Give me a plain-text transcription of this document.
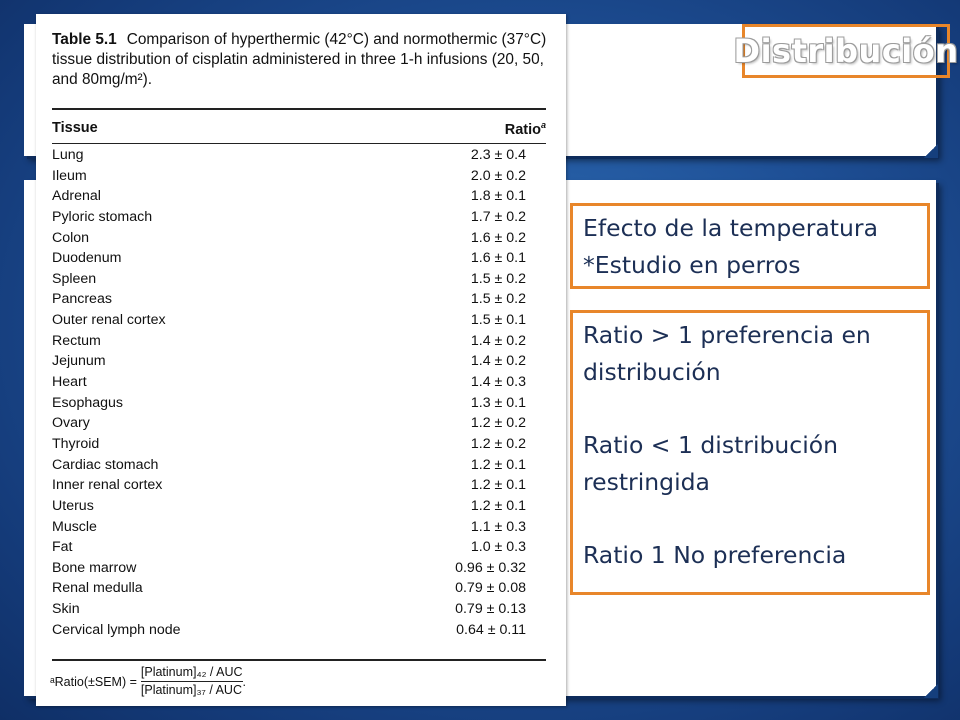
Table 5.1 Comparison of hyperthermic (42°C) and normothermic (37°C) tissue distribution of cisplatin administered in three 1-h infusions (20, 50, and 80mg/m²).
Tissue	Ratio$^a$
Lung	2.3 ± 0.4
Ileum	2.0 ± 0.2
Adrenal	1.8 ± 0.1
Pyloric stomach	1.7 ± 0.2
Colon	1.6 ± 0.2
Duodenum	1.6 ± 0.1
Spleen	1.5 ± 0.2
Pancreas	1.5 ± 0.2
Outer renal cortex	1.5 ± 0.1
Rectum	1.4 ± 0.2
Jejunum	1.4 ± 0.2
Heart	1.4 ± 0.3
Esophagus	1.3 ± 0.1
Ovary	1.2 ± 0.2
Thyroid	1.2 ± 0.2
Cardiac stomach	1.2 ± 0.1
Inner renal cortex	1.2 ± 0.1
Uterus	1.2 ± 0.1
Muscle	1.1 ± 0.3
Fat	1.0 ± 0.3
Bone marrow	0.96 ± 0.32
Renal medulla	0.79 ± 0.08
Skin	0.79 ± 0.13
Cervical lymph node	0.64 ± 0.11
ᵃRatio(±SEM) = $\frac{\text{[Platinum]₄₂ / AUC}}{\text{[Platinum]₃₇ / AUC}}$ .
Distribución
Efecto de la temperatura
*Estudio en perros
Ratio > 1 preferencia en
distribución
Ratio < 1 distribución
restringida
Ratio 1 No preferencia
